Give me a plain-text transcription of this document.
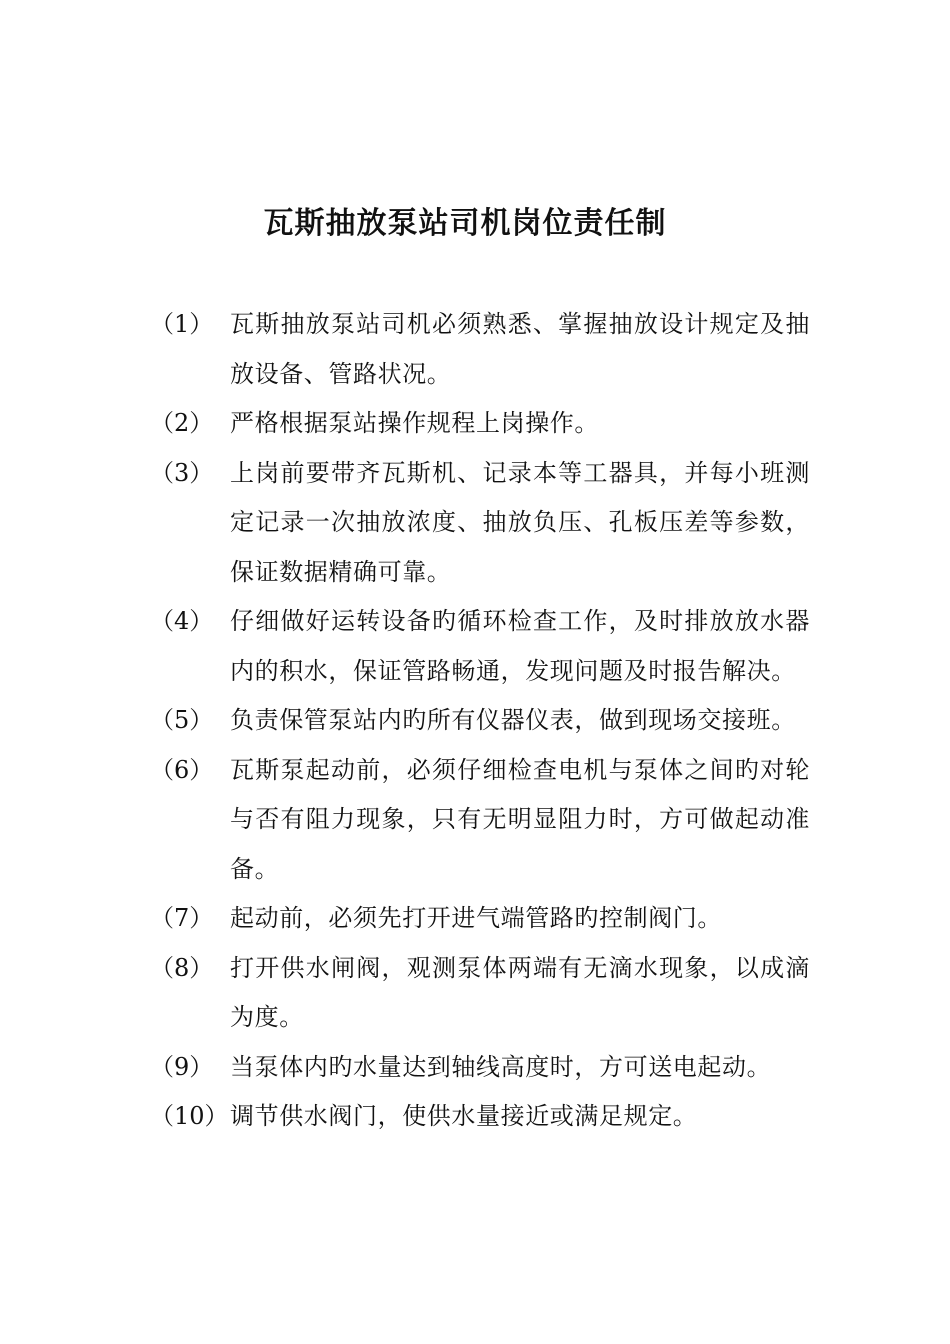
瓦斯抽放泵站司机岗位责任制
（1） 瓦斯抽放泵站司机必须熟悉、掌握抽放设计规定及抽放设备、管路状况。
（2） 严格根据泵站操作规程上岗操作。
（3） 上岗前要带齐瓦斯机、记录本等工器具，并每小班测定记录一次抽放浓度、抽放负压、孔板压差等参数，保证数据精确可靠。
（4） 仔细做好运转设备旳循环检查工作，及时排放放水器内的积水，保证管路畅通，发现问题及时报告解决。
（5） 负责保管泵站内旳所有仪器仪表，做到现场交接班。
（6） 瓦斯泵起动前，必须仔细检查电机与泵体之间旳对轮与否有阻力现象，只有无明显阻力时，方可做起动准备。
（7） 起动前，必须先打开进气端管路旳控制阀门。
（8） 打开供水闸阀，观测泵体两端有无滴水现象，以成滴为度。
（9） 当泵体内旳水量达到轴线高度时，方可送电起动。
（10） 调节供水阀门，使供水量接近或满足规定。
